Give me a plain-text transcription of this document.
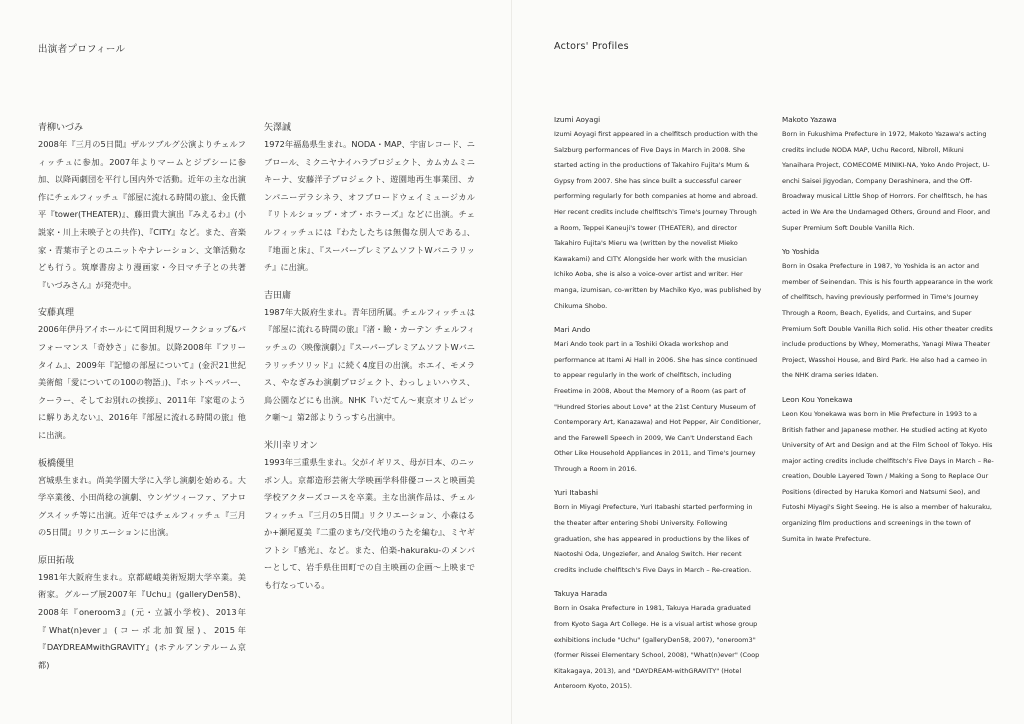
出演者プロフィール

青柳いづみ

2008年『三月の5日間』ザルツブルグ公演よりチェルフィッチュに参加。2007年よりマームとジプシーに参加、以降両劇団を平行し国内外で活動。近年の主な出演作にチェルフィッチュ『部屋に流れる時間の旅』、金氏徹平『tower(THEATER)』、藤田貴大演出『みえるわ』(小説家・川上未映子との共作)、『CITY』など。また、音楽家・青葉市子とのユニットやナレーション、文筆活動なども行う。筑摩書房より漫画家・今日マチ子との共著『いづみさん』が発売中。

安藤真理

2006年伊丹アイホールにて岡田利規ワークショップ&パフォーマンス「奇妙さ」に参加。以降2008年『フリータイム』、2009年『記憶の部屋について』(金沢21世紀美術館「愛についての100の物語」)、『ホットペッパー、クーラー、そしてお別れの挨拶』、2011年『家電のように解りあえない』、2016年『部屋に流れる時間の旅』他に出演。

板橋優里

宮城県生まれ。尚美学園大学に入学し演劇を始める。大学卒業後、小田尚稔の演劇、ウンゲツィーファ、アナログスイッチ等に出演。近年ではチェルフィッチュ『三月の5日間』リクリエーションに出演。

原田拓哉

1981年大阪府生まれ。京都嵯峨美術短期大学卒業。美術家。グループ展2007年『Uchu』(galleryDen58)、2008年『oneroom3』(元・立誠小学校)、2013年『What(n)ever』(コーポ北加賀屋)、2015年『DAYDREAMwithGRAVITY』(ホテルアンテルーム京都)

矢澤誠

1972年福島県生まれ。NODA・MAP、宇宙レコード、ニブロール、ミクニヤナイハラプロジェクト、カムカムミニキーナ、安藤洋子プロジェクト、遊園地再生事業団、カンパニーデラシネラ、オフブロードウェイミュージカル『リトルショップ・オブ・ホラーズ』などに出演。チェルフィッチュには『わたしたちは無傷な別人である』、『地面と床』、『スーパープレミアムソフトWバニラリッチ』に出演。

吉田庸

1987年大阪府生まれ。青年団所属。チェルフィッチュは『部屋に流れる時間の旅』『渚・瞼・カーテン チェルフィッチュの〈映像演劇〉』『スーパープレミアムソフトWバニラリッチソリッド』に続く4度目の出演。ホエイ、モメラス、やなぎみわ演劇プロジェクト、わっしょいハウス、鳥公園などにも出演。NHK『いだてん〜東京オリムピック噺〜』第2部よりうっすら出演中。

米川幸リオン

1993年三重県生まれ。父がイギリス、母が日本、のニッポン人。京都造形芸術大学映画学科俳優コースと映画美学校アクターズコースを卒業。主な出演作品は、チェルフィッチュ『三月の5日間』リクリエーション、小森はるか+瀬尾夏美『二重のまち/交代地のうたを編む』、ミヤギフトシ『感光』、など。また、伯楽-hakuraku-のメンバーとして、岩手県住田町での自主映画の企画〜上映までも行なっている。

Actors' Profiles

Izumi Aoyagi

Izumi Aoyagi first appeared in a chelfitsch production with the Salzburg performances of Five Days in March in 2008. She started acting in the productions of Takahiro Fujita's Mum & Gypsy from 2007. She has since built a successful career performing regularly for both companies at home and abroad. Her recent credits include chelfitsch's Time's Journey Through a Room, Teppei Kaneuji's tower (THEATER), and director Takahiro Fujita's Mieru wa (written by the novelist Mieko Kawakami) and CITY. Alongside her work with the musician Ichiko Aoba, she is also a voice-over artist and writer. Her manga, izumisan, co-written by Machiko Kyo, was published by Chikuma Shobo.

Mari Ando

Mari Ando took part in a Toshiki Okada workshop and performance at Itami Ai Hall in 2006. She has since continued to appear regularly in the work of chelfitsch, including Freetime in 2008, About the Memory of a Room (as part of "Hundred Stories about Love" at the 21st Century Museum of Contemporary Art, Kanazawa) and Hot Pepper, Air Conditioner, and the Farewell Speech in 2009, We Can't Understand Each Other Like Household Appliances in 2011, and Time's Journey Through a Room in 2016.

Yuri Itabashi

Born in Miyagi Prefecture, Yuri Itabashi started performing in the theater after entering Shobi University. Following graduation, she has appeared in productions by the likes of Naotoshi Oda, Ungeziefer, and Analog Switch. Her recent credits include chelfitsch's Five Days in March – Re-creation.

Takuya Harada

Born in Osaka Prefecture in 1981, Takuya Harada graduated from Kyoto Saga Art College. He is a visual artist whose group exhibitions include "Uchu" (galleryDen58, 2007), "oneroom3" (former Rissei Elementary School, 2008), "What(n)ever" (Coop Kitakagaya, 2013), and "DAYDREAM-withGRAVITY" (Hotel Anteroom Kyoto, 2015).

Makoto Yazawa

Born in Fukushima Prefecture in 1972, Makoto Yazawa's acting credits include NODA MAP, Uchu Record, Nibroll, Mikuni Yanaihara Project, COMECOME MINIKI-NA, Yoko Ando Project, U-enchi Saisei Jigyodan, Company Derashinera, and the Off-Broadway musical Little Shop of Horrors. For chelfitsch, he has acted in We Are the Undamaged Others, Ground and Floor, and Super Premium Soft Double Vanilla Rich.

Yo Yoshida

Born in Osaka Prefecture in 1987, Yo Yoshida is an actor and member of Seinendan. This is his fourth appearance in the work of chelfitsch, having previously performed in Time's Journey Through a Room, Beach, Eyelids, and Curtains, and Super Premium Soft Double Vanilla Rich solid. His other theater credits include productions by Whey, Momeraths, Yanagi Miwa Theater Project, Wasshoi House, and Bird Park. He also had a cameo in the NHK drama series Idaten.

Leon Kou Yonekawa

Leon Kou Yonekawa was born in Mie Prefecture in 1993 to a British father and Japanese mother. He studied acting at Kyoto University of Art and Design and at the Film School of Tokyo. His major acting credits include chelfitsch's Five Days in March – Re-creation, Double Layered Town / Making a Song to Replace Our Positions (directed by Haruka Komori and Natsumi Seo), and Futoshi Miyagi's Sight Seeing. He is also a member of hakuraku, organizing film productions and screenings in the town of Sumita in Iwate Prefecture.
